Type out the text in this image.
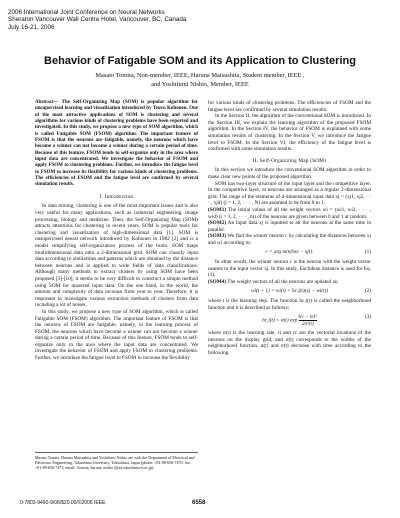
2006 International Joint Conference on Neural Networks
Sheraton Vancouver Wall Centre Hotel, Vancouver, BC, Canada
July 16-21, 2006
Behavior of Fatigable SOM and its Application to Clustering
Masato Tomita, Non-member, IEEE, Haruna Matsushita, Student member, IEEE ,
and Yoshifumi Nishio, Member, IEEE

Abstract— The Self-Organizing Map (SOM) is popular algorithm for unsupervised learning and visualization introduced by Teuvo Kohonen. One of the most attractive applications of SOM is clustering and several algorithms for various kinds of clustering problems have been reported and investigated. In this study, we propose a new type of SOM algorithm, which is called Fatigable SOM (FSOM) algorithm. The important feature of FSOM is that the neurons are fatigable, namely, the neurons which have become a winner can not become a winner during a certain period of time. Because of this feature, FSOM tends to self-organize only in the area where input data are concentrated. We investigate the behavior of FSOM and apply FSOM to clustering problems. Further, we introduce the fatigue level to FSOM to increase its flexibility for various kinds of clustering problems. The efficiencies of FSOM and the fatigue level are confirmed by several simulation results.

I. Introduction

In data mining, clustering is one of the most important issues and is also very useful for many applications, such as industrial engineering, image processing, biology and medicine. Then, the Self-Organizing Map (SOM) attracts attentions for clustering in recent years. SOM is popular tools for clustering and visualization of high-dimensional data [1]. SOM is unsupervised neural network introduced by Kohonen in 1982 [2] and is a model simplifying self-organization process of the brain. SOM maps multidimensional data onto a 2-dimensional grid. SOM can classify input data according to similarities and patterns which are obtained by the distance between neurons and is applied to wide fields of data classifications. Although many methods to extract clusters by using SOM have been proposed [3]-[10], it seems to be very difficult to construct a simple method using SOM for unsorted input data. On the one hand, in the world, the amount and complexity of data increase from year to year. Therefore, it is important to investigate various extraction methods of clusters from data including a lot of noises.

In this study, we propose a new type of SOM algorithm, which is called Fatigable SOM (FSOM) algorithm. The important feature of FSOM is that the neurons of FSOM are fatigable, namely, in the learning process of FSOM, the neurons which have become a winner can not become a winner during a certain period of time. Because of this feature, FSOM tends to self-organize only in the area where the input data are concentrated. We investigate the behavior of FSOM and apply FSOM to clustering problems. Further, we introduce the fatigue level to FSOM to increase the flexibility

for various kinds of clustering problems. The efficiencies of FSOM and the fatigue level are confirmed by several simulation results.

In the Section II, the algorithm of the conventional SOM is introduced. In the Section III, we explain the learning algorithm of the proposed FSOM algorithm. In the Section IV, the behavior of FSOM is explained with some simulation results of clustering. In the Section V, we introduce the fatigue level to FSOM. In the Section VI, the efficiency of the fatigue level is confirmed with some simulation results.

II. Self-Organizing Map (SOM)

In this section we introduce the conventional SOM algorithm in order to make clear new points of the proposed algorithm.

SOM has two-layer structure of the input layer and the competitive layer. In the competitive layer, m neurons are arranged as a regular 2-dimensional grid. The range of the elements of d-dimensional input data xj = (xj1, xj2, · · · , xjd) (j = 1, 2, · · · , N) are assumed to be from 0 to 1.

(SOM1) The initial values of all the weight vectors wi = (wi1, wi2, · · · , wid) (i = 1, 2, · · · , m) of the neurons are given between 0 and 1 at random.

(SOM2) An input data xj is inputted to all the neurons at the same time in parallel.

(SOM3) We find the winner neuron c by calculating the distances between xj and wi according to;

c = arg min{‖wi − xj‖}.	(1)

In other words, the winner neuron c is the neuron with the weight vector nearest to the input vector xj. In this study, Euclidean distance is used for Eq. (1).

(SOM4) The weight vectors of all the neurons are updated as;

wi(t + 1) = wi(t) + hc,i(t)(xj − wi(t))	(2)

where t is the learning step. The function hc,i(t) is called the neighborhood function and it is described as follows;

hc,i(t) = α(t) $\exp \frac{\text{‖ri − rc‖²}}{\text{2σ²(t)}}$	(3)

where α(t) is the learning rate, ri and rc are the vectorial locations of the neurons on the display grid, and σ(t) corresponds to the widths of the neighborhood function. α(t) and σ(t) decrease with time according to the following

Masato Tomita, Haruna Matsushita and Yoshifumi Nishio are with the Department of Electrical and Electronic Engineering, Tokushima University, Tokushima, Japan (phone: +81-88-656-7470; fax: +81-88-656-7471; email: {tomita, haruna, nishio}@ee.tokushima-u.ac.jp).
0-7803-9490-9/06/$20.00/©2006 IEEE	6558
